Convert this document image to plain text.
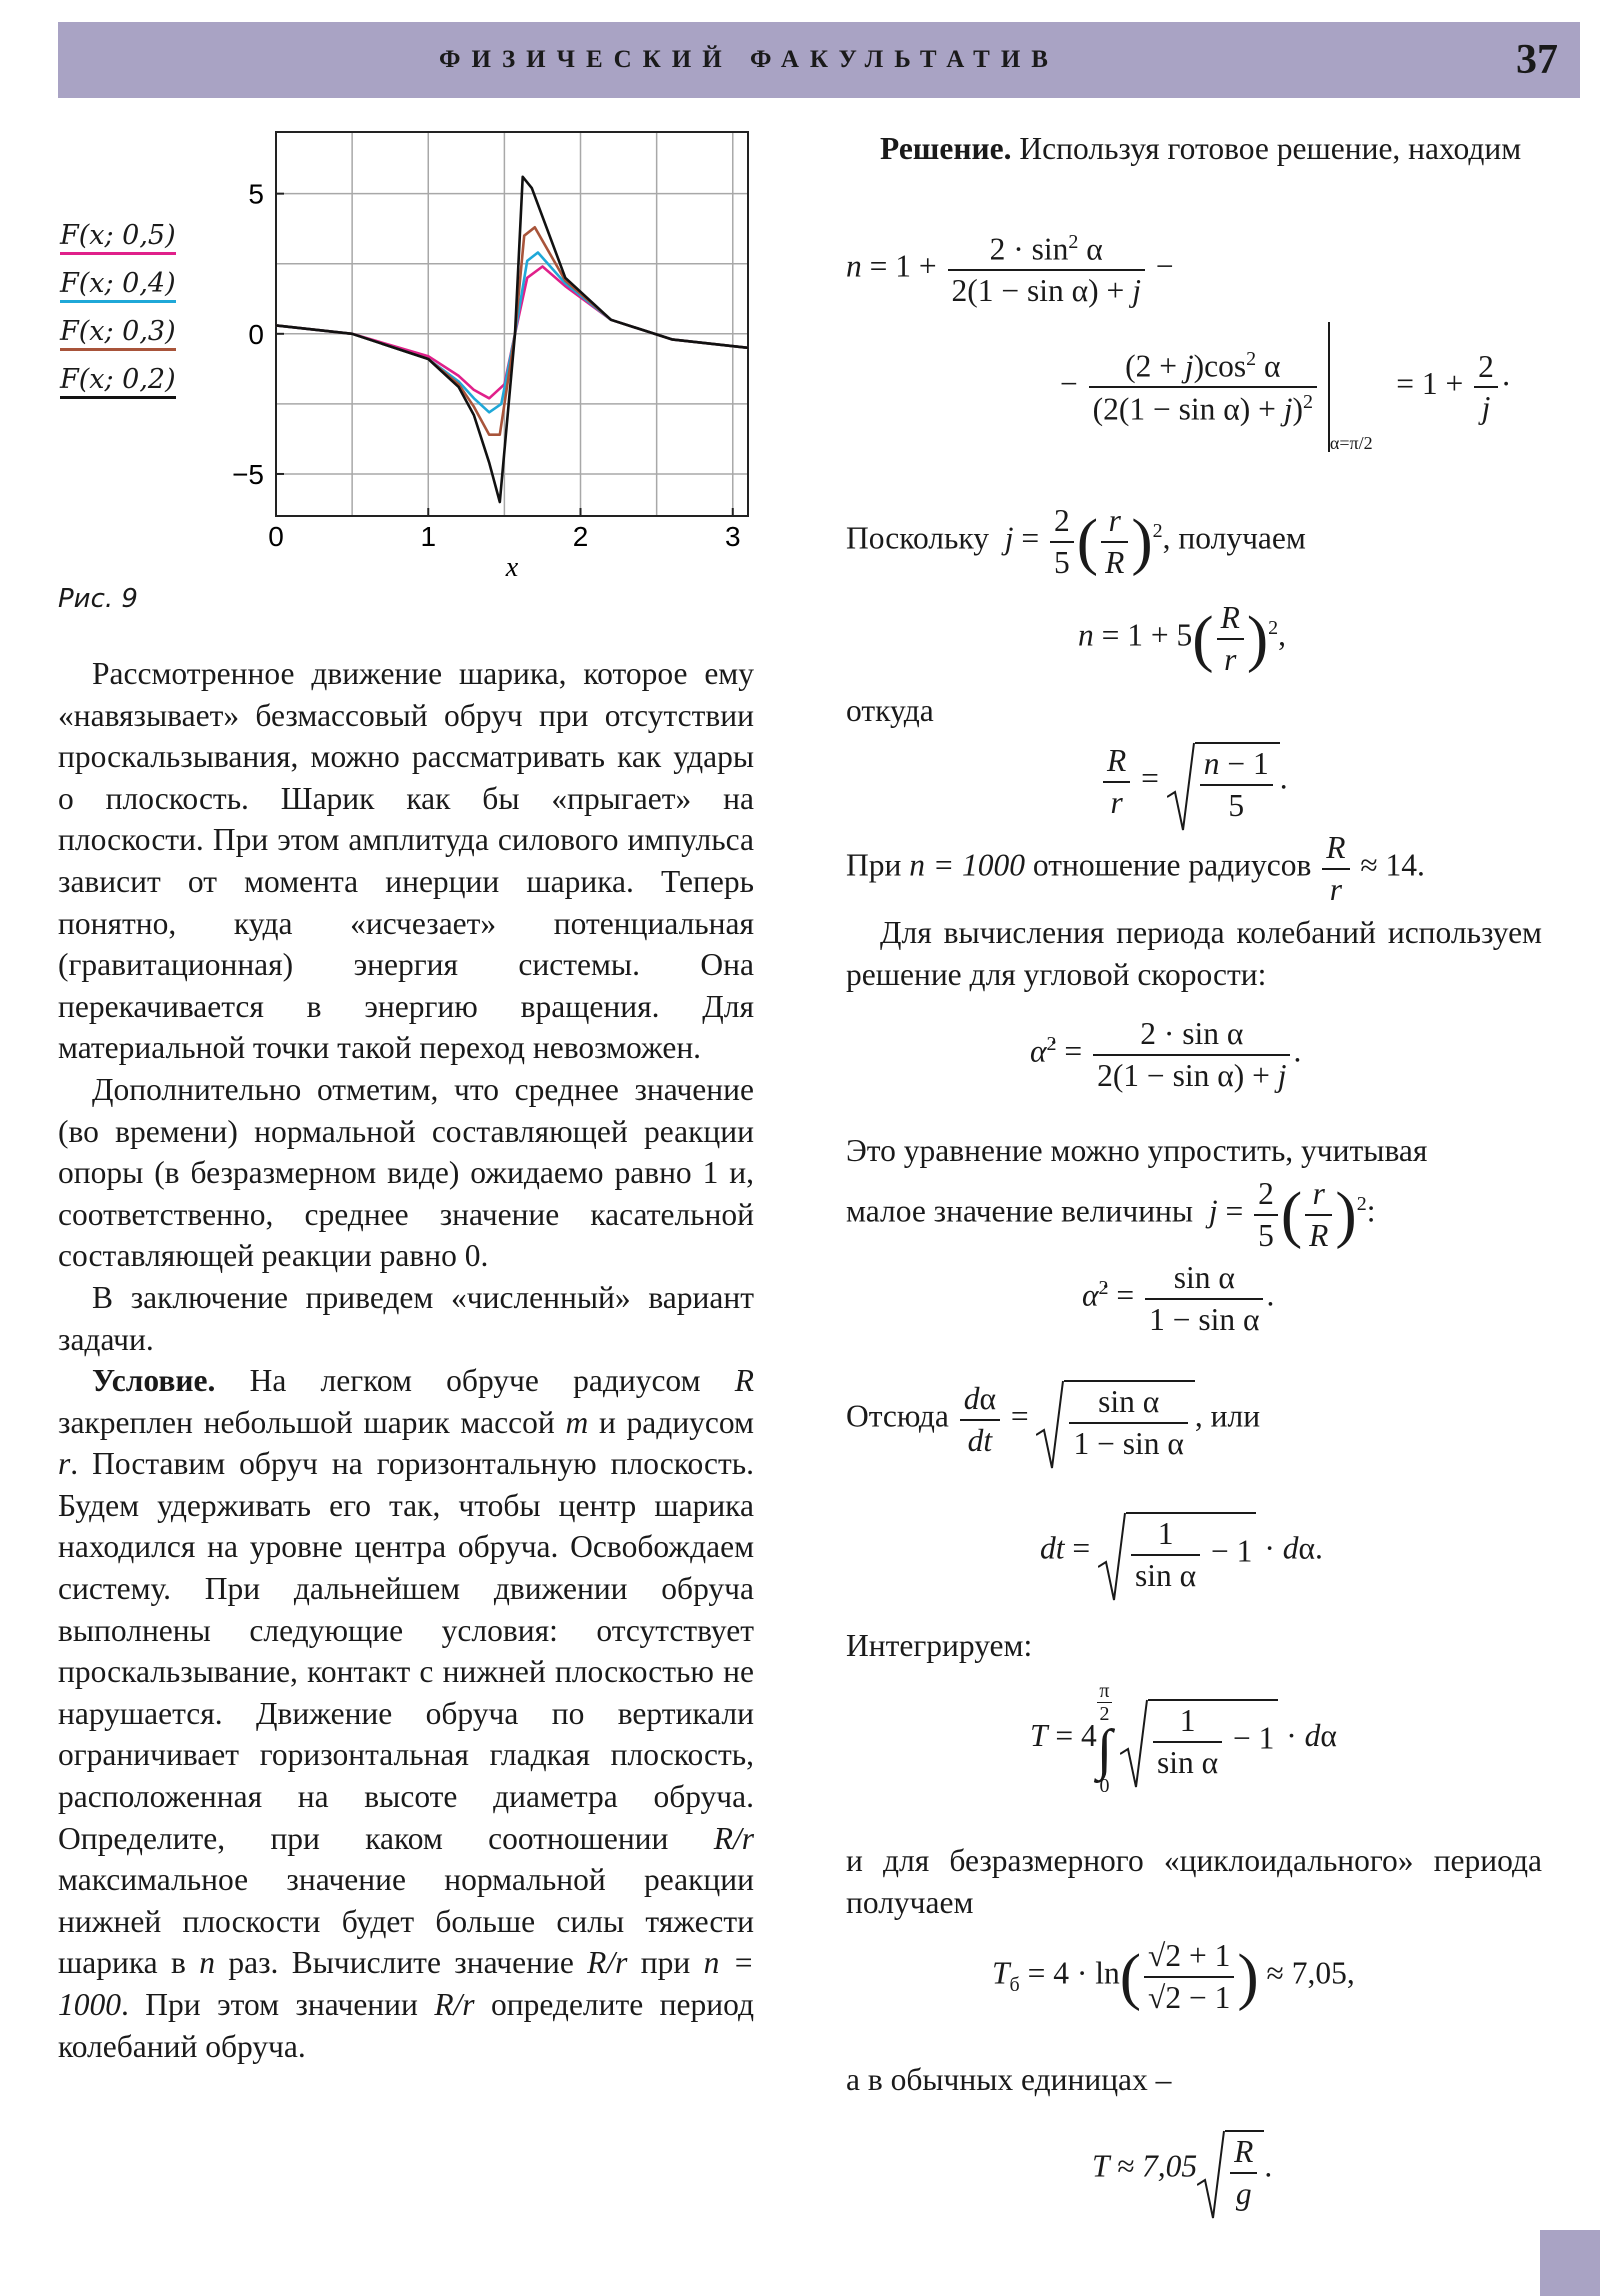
ФИЗИЧЕСКИЙ ФАКУЛЬТАТИВ	37
F(x; 0,5)
F(x; 0,4)
F(x; 0,3)
F(x; 0,2)
0	1	2	3
5
0
−5
x
Рис. 9

Рассмотренное движение шарика, которое ему «навязывает» безмассовый обруч при отсутствии проскальзывания, можно рассматривать как удары о плоскость. Шарик как бы «прыгает» на плоскости. При этом амплитуда силового импульса зависит от момента инерции шарика. Теперь понятно, куда «исчезает» потенциальная (гравитационная) энергия системы. Она перекачивается в энергию вращения. Для материальной точки такой переход невозможен.

Дополнительно отметим, что среднее значение (во времени) нормальной составляющей реакции опоры (в безразмерном виде) ожидаемо равно 1 и, соответственно, среднее значение касательной составляющей реакции равно 0.

В заключение приведем «численный» вариант задачи.

Условие. На легком обруче радиусом R закреплен небольшой шарик массой m и радиусом r. Поставим обруч на горизонтальную плоскость. Будем удерживать его так, чтобы центр шарика находился на уровне центра обруча. Освобождаем систему. При дальнейшем движении обруча выполнены следующие условия: отсутствует проскальзывание, контакт с нижней плоскостью не нарушается. Движение обруча по вертикали ограничивает горизонтальная гладкая плоскость, расположенная на высоте диаметра обруча. Определите, при каком соотношении R/r максимальное значение нормальной реакции нижней плоскости будет больше силы тяжести шарика в n раз. Вычислите значение R/r при n = 1000. При этом значении R/r определите период колебаний обруча.

Решение. Используя готовое решение, находим

$n = 1 + \frac{2 \cdot \sin^2 \alpha}{\text{2(1 − sin α) + j}}$ −
− $\frac{(2 + j)\cos^2 \alpha}{(2(1 - \sin \alpha) + j)^2}$
$_{\alpha=\pi/2} = 1 + \frac{2}{j}$ ·
Поскольку $j = \frac{2}{5}$ ( $\frac{r}{R} )^2$, получаем
$n = 1 + 5( \frac{R}{r} )^2$,
откуда
$\frac{R}{r} = \frac{n - 1}{5}$ .
При n = 1000 отношение радиусов $\frac{R}{r} \approx 14$.

Для вычисления периода колебаний используем решение для угловой скорости:

α̇$^2$ = $\frac{\text{2 · sin α}}{\text{2(1 − sin α) + j}}$ .

Это уравнение можно упростить, учитывая

малое значение величины $j = \frac{2}{5}$ ( $\frac{r}{R} )^2$:
α̇$^2$ = $\frac{\text{sin α}}{\text{1 − sin α}}$ .
Отсюда $\frac{d\alpha}{dt} = \frac{\text{sin α}}{\text{1 − sin α}}$ , или
dt = $\frac{1}{\text{sin α}} - 1 \cdot d\alpha$.
Интегрируем:
T = 4
π
2
∫
0

$\frac{1}{\text{sin α}} - 1 \cdot d\alpha$

и для безразмерного «циклоидального» периода получаем

$T_б = 4 \cdot \ln( \frac{√2 + 1}{√2 - 1}$ ) ≈ 7,05,
а в обычных единицах –
$T \approx 7,05 \frac{R}{g}$ .
